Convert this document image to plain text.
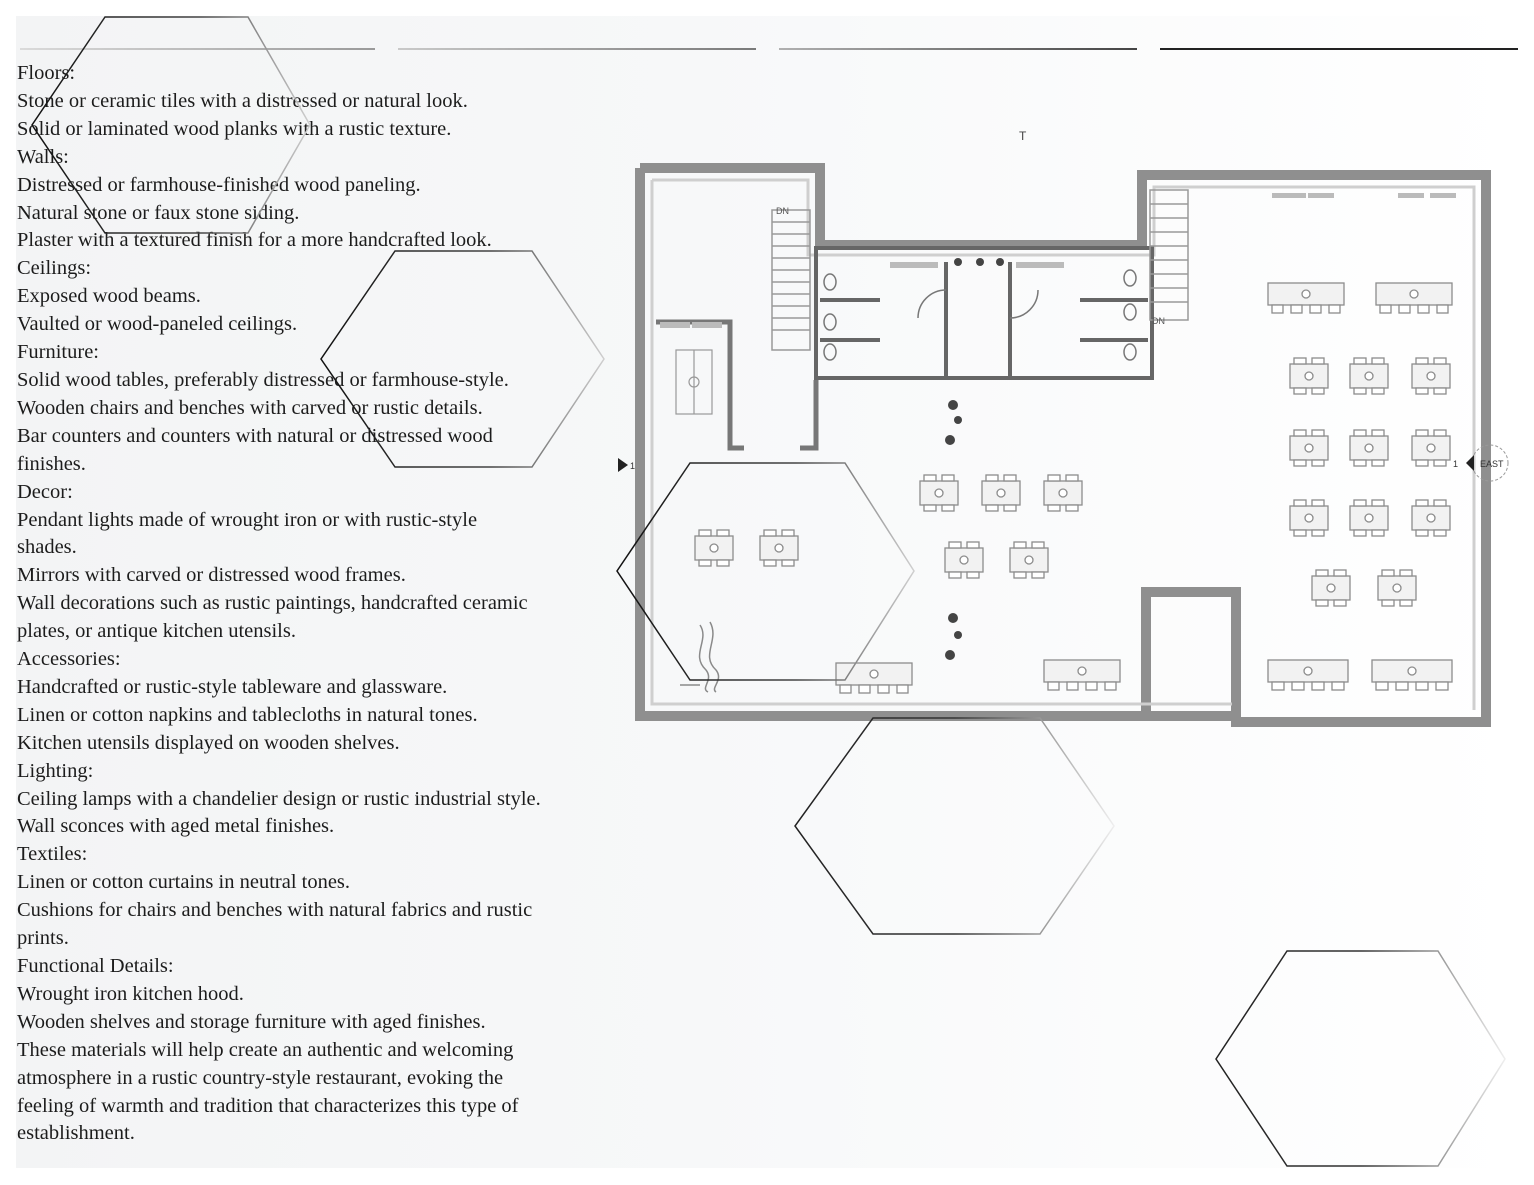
Floors:
Stone or ceramic tiles with a distressed or natural look.
Solid or laminated wood planks with a rustic texture.
Walls:
Distressed or farmhouse-finished wood paneling.
Natural stone or faux stone siding.
Plaster with a textured finish for a more handcrafted look.
Ceilings:
Exposed wood beams.
Vaulted or wood-paneled ceilings.
Furniture:
Solid wood tables, preferably distressed or farmhouse-style.
Wooden chairs and benches with carved or rustic details.
Bar counters and counters with natural or distressed wood
finishes.
Decor:
Pendant lights made of wrought iron or with rustic-style
shades.
Mirrors with carved or distressed wood frames.
Wall decorations such as rustic paintings, handcrafted ceramic
plates, or antique kitchen utensils.
Accessories:
Handcrafted or rustic-style tableware and glassware.
Linen or cotton napkins and tablecloths in natural tones.
Kitchen utensils displayed on wooden shelves.
Lighting:
Ceiling lamps with a chandelier design or rustic industrial style.
Wall sconces with aged metal finishes.
Textiles:
Linen or cotton curtains in neutral tones.
Cushions for chairs and benches with natural fabrics and rustic
prints.
Functional Details:
Wrought iron kitchen hood.
Wooden shelves and storage furniture with aged finishes.
These materials will help create an authentic and welcoming
atmosphere in a rustic country-style restaurant, evoking the
feeling of warmth and tradition that characterizes this type of
establishment.
DN
DN
1	EAST
1
T
